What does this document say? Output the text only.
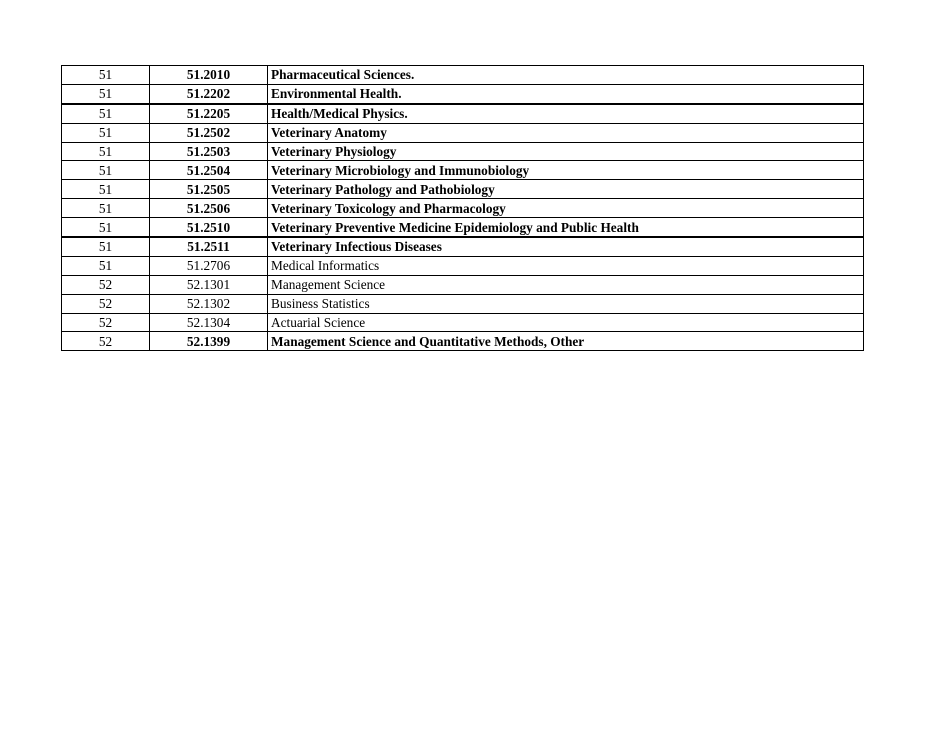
51	51.2010	Pharmaceutical Sciences.
51	51.2202	Environmental Health.
51	51.2205	Health/Medical Physics.
51	51.2502	Veterinary Anatomy
51	51.2503	Veterinary Physiology
51	51.2504	Veterinary Microbiology and Immunobiology
51	51.2505	Veterinary Pathology and Pathobiology
51	51.2506	Veterinary Toxicology and Pharmacology
51	51.2510	Veterinary Preventive Medicine Epidemiology and Public Health
51	51.2511	Veterinary Infectious Diseases
51	51.2706	Medical Informatics
52	52.1301	Management Science
52	52.1302	Business Statistics
52	52.1304	Actuarial Science
52	52.1399	Management Science and Quantitative Methods, Other
